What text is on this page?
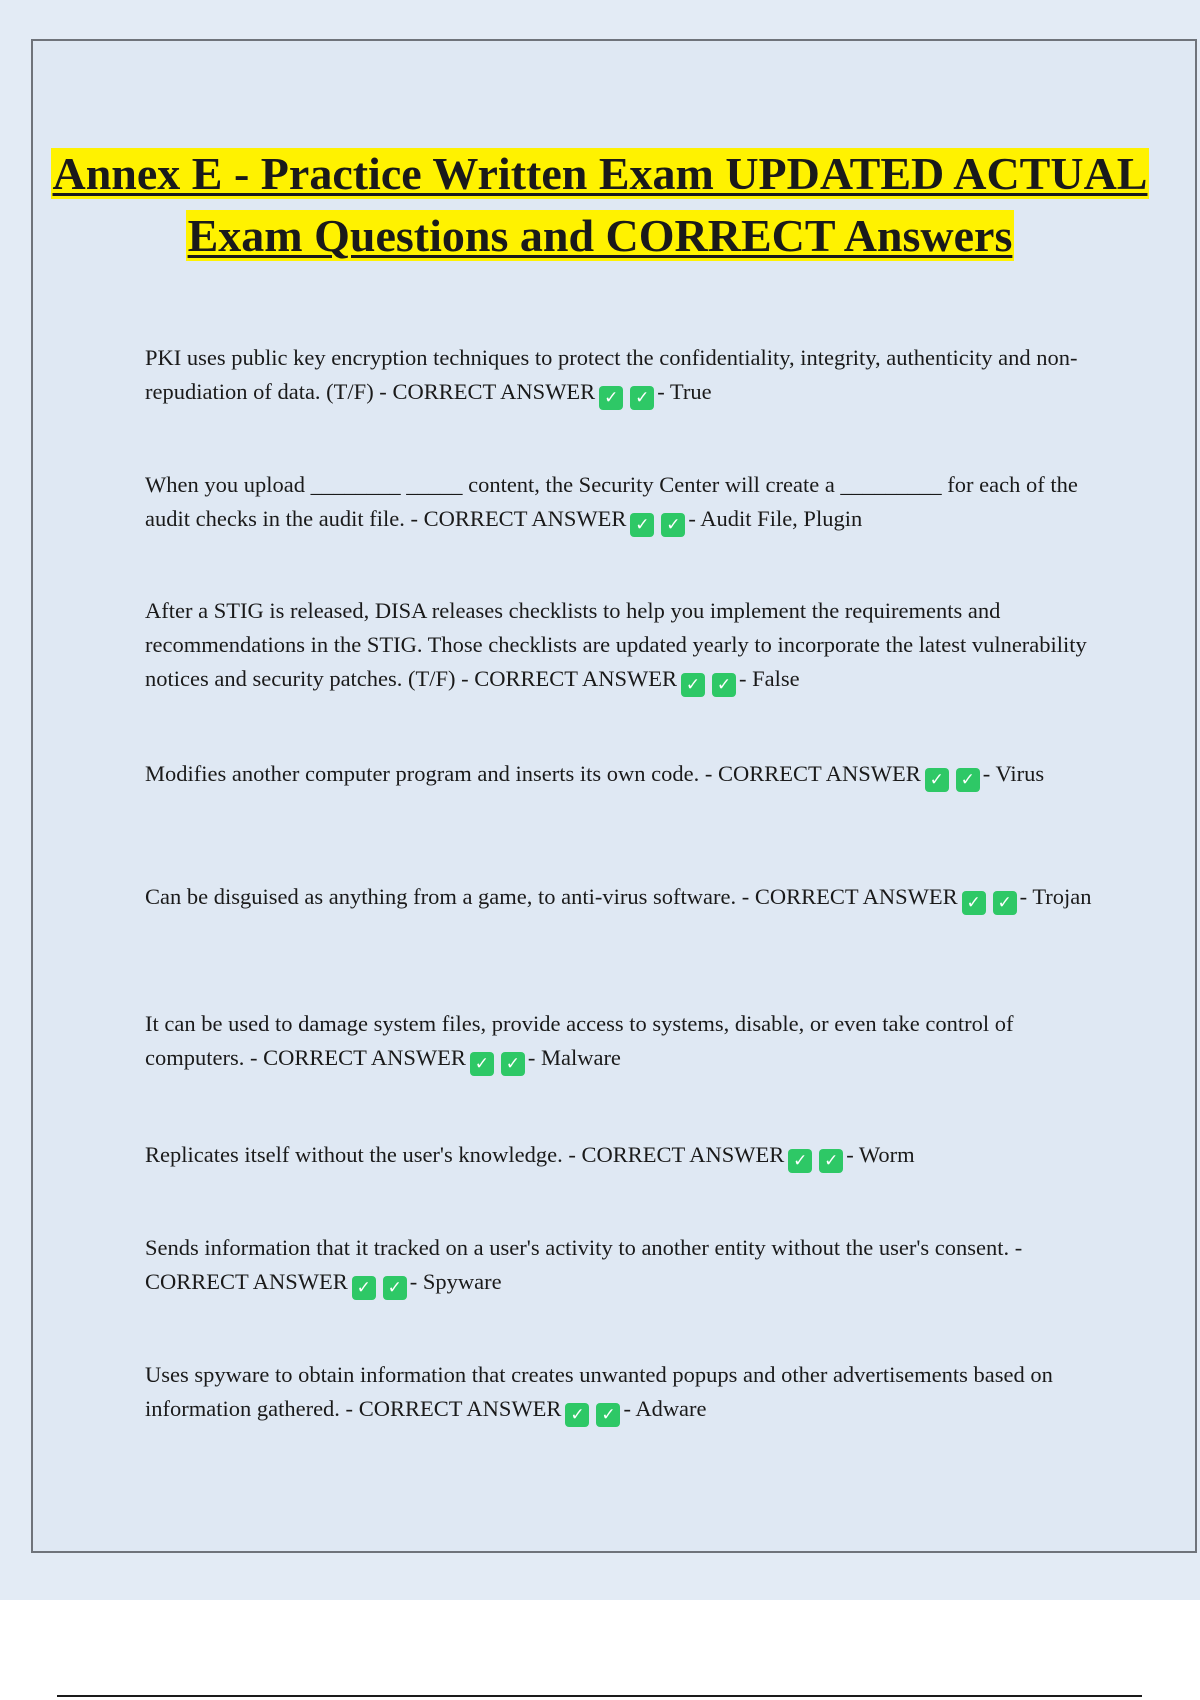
Annex E - Practice Written Exam UPDATED ACTUAL Exam Questions and CORRECT Answers

PKI uses public key encryption techniques to protect the confidentiality, integrity, authenticity and non-repudiation of data. (T/F) - CORRECT ANSWER ✓ ✓ - True

When you upload ________ _____ content, the Security Center will create a _________ for each of the audit checks in the audit file. - CORRECT ANSWER ✓ ✓ - Audit File, Plugin

After a STIG is released, DISA releases checklists to help you implement the requirements and recommendations in the STIG. Those checklists are updated yearly to incorporate the latest vulnerability notices and security patches. (T/F) - CORRECT ANSWER ✓ ✓ - False

Modifies another computer program and inserts its own code. - CORRECT ANSWER ✓ ✓ - Virus

Can be disguised as anything from a game, to anti-virus software. - CORRECT ANSWER ✓ ✓ - Trojan

It can be used to damage system files, provide access to systems, disable, or even take control of computers. - CORRECT ANSWER ✓ ✓ - Malware

Replicates itself without the user's knowledge. - CORRECT ANSWER ✓ ✓ - Worm

Sends information that it tracked on a user's activity to another entity without the user's consent. - CORRECT ANSWER ✓ ✓ - Spyware

Uses spyware to obtain information that creates unwanted popups and other advertisements based on information gathered. - CORRECT ANSWER ✓ ✓ - Adware
